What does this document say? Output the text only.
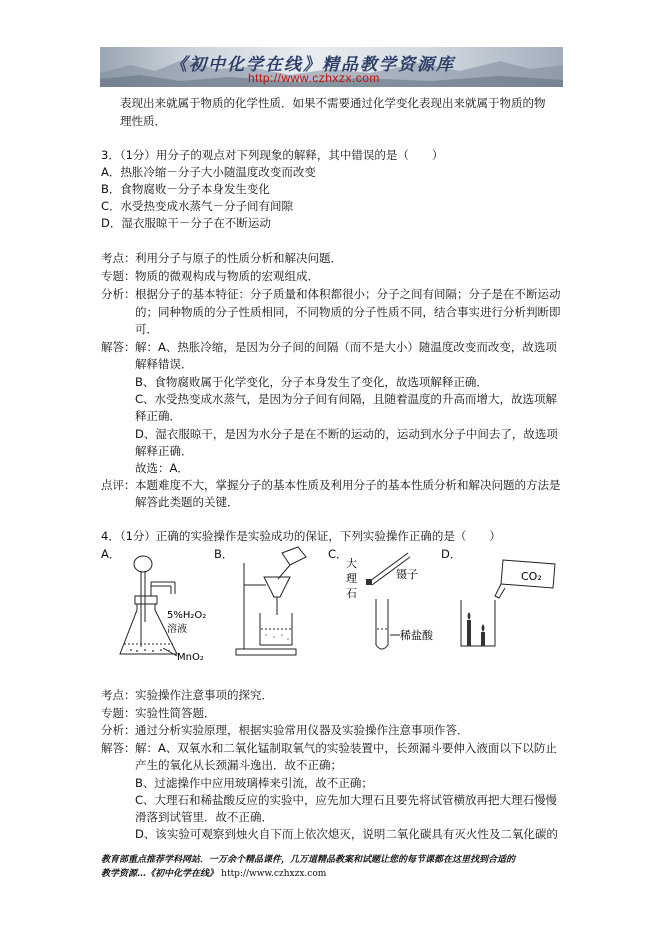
《初中化学在线》精品教学资源库
http://www.czhxzx.com
表现出来就属于物质的化学性质．如果不需要通过化学变化表现出来就属于物质的物
理性质．
3．（1分）用分子的观点对下列现象的解释，其中错误的是（　　）
A．热胀冷缩－分子大小随温度改变而改变
B．食物腐败－分子本身发生变化
C．水受热变成水蒸气－分子间有间隙
D．湿衣服晾干－分子在不断运动
考点： 利用分子与原子的性质分析和解决问题．
专题： 物质的微观构成与物质的宏观组成．
分析： 根据分子的基本特征：分子质量和体积都很小；分子之间有间隔；分子是在不断运动
的；同种物质的分子性质相同，不同物质的分子性质不同，结合事实进行分析判断即
可．
解答： 解：A、热胀冷缩，是因为分子间的间隔（而不是大小）随温度改变而改变，故选项
解释错误．
B、食物腐败属于化学变化，分子本身发生了变化，故选项解释正确．
C、水受热变成水蒸气，是因为分子间有间隔，且随着温度的升高而增大，故选项解
释正确．
D、湿衣服晾干，是因为水分子是在不断的运动的，运动到水分子中间去了，故选项
解释正确．
故选：A．
点评： 本题难度不大，掌握分子的基本性质及利用分子的基本性质分析和解决问题的方法是
解答此类题的关键．
4．（1分）正确的实验操作是实验成功的保证，下列实验操作正确的是（　　）
A．	B．	C．	D．
5%H₂O₂
溶液
MnO₂
大
理
石
镊子
稀盐酸
CO₂
考点： 实验操作注意事项的探究．
专题： 实验性简答题．
分析： 通过分析实验原理，根据实验常用仪器及实验操作注意事项作答．
解答： 解：A、双氧水和二氧化锰制取氧气的实验装置中，长颈漏斗要伸入液面以下以防止
产生的氧化从长颈漏斗逸出．故不正确；
B、过滤操作中应用玻璃棒来引流，故不正确；
C、大理石和稀盐酸反应的实验中，应先加大理石且要先将试管横放再把大理石慢慢
滑落到试管里．故不正确．
D、该实验可观察到烛火自下而上依次熄灭，说明二氧化碳具有灭火性及二氧化碳的
教育部重点推荐学科网站．一万余个精品课件，几万道精品教案和试题让您的每节课都在这里找到合适的
教学资源…《初中化学在线》 http://www.czhxzx.com
